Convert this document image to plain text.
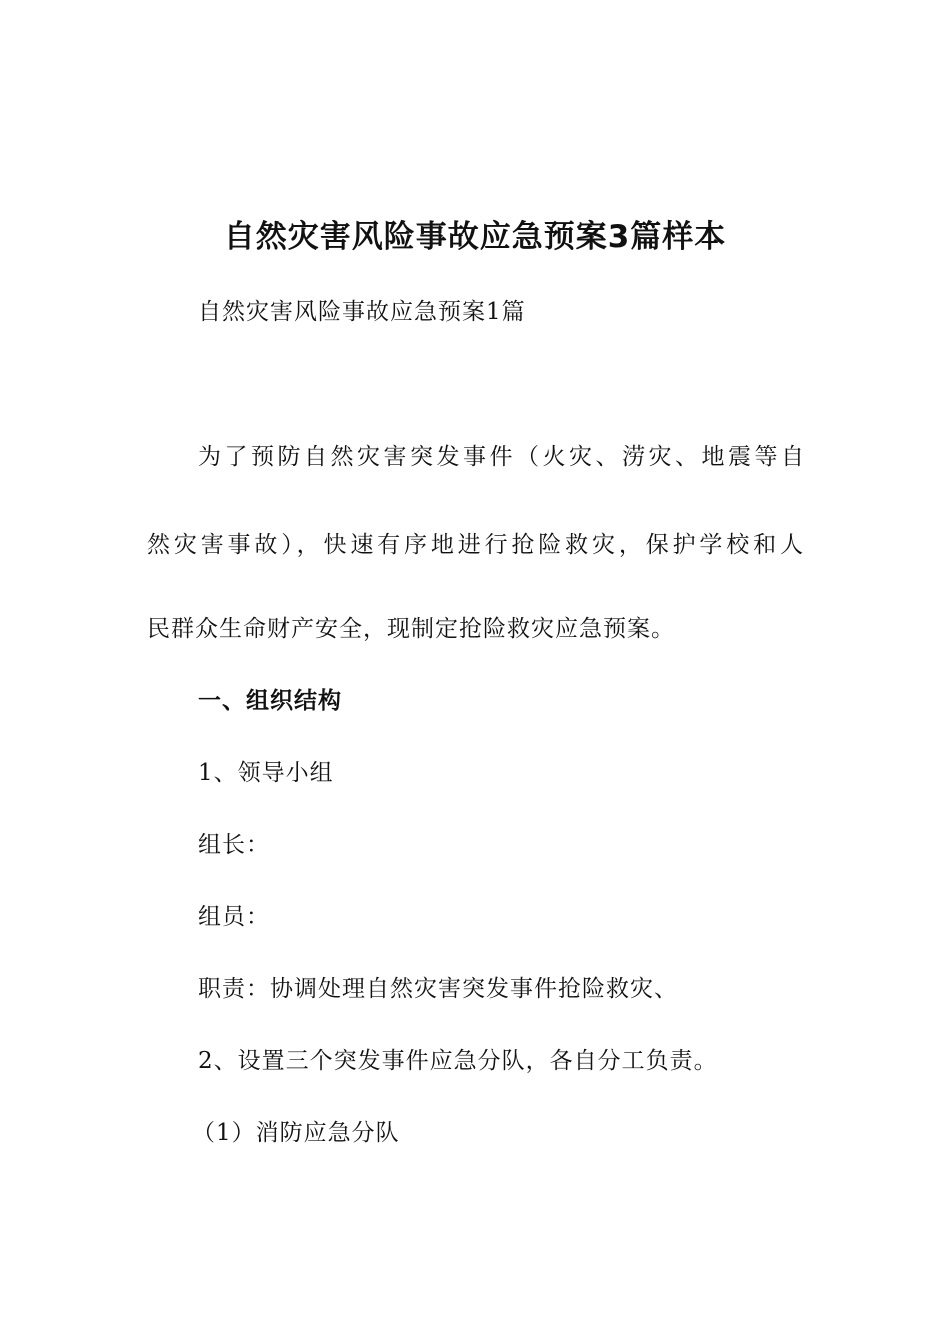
自然灾害风险事故应急预案3篇样本
自然灾害风险事故应急预案1篇
为了预防自然灾害突发事件（火灾、涝灾、地震等自
然灾害事故），快速有序地进行抢险救灾，保护学校和人
民群众生命财产安全，现制定抢险救灾应急预案。
一、组织结构
1、领导小组
组长：
组员：
职责：协调处理自然灾害突发事件抢险救灾、
2、设置三个突发事件应急分队，各自分工负责。
（1）消防应急分队
